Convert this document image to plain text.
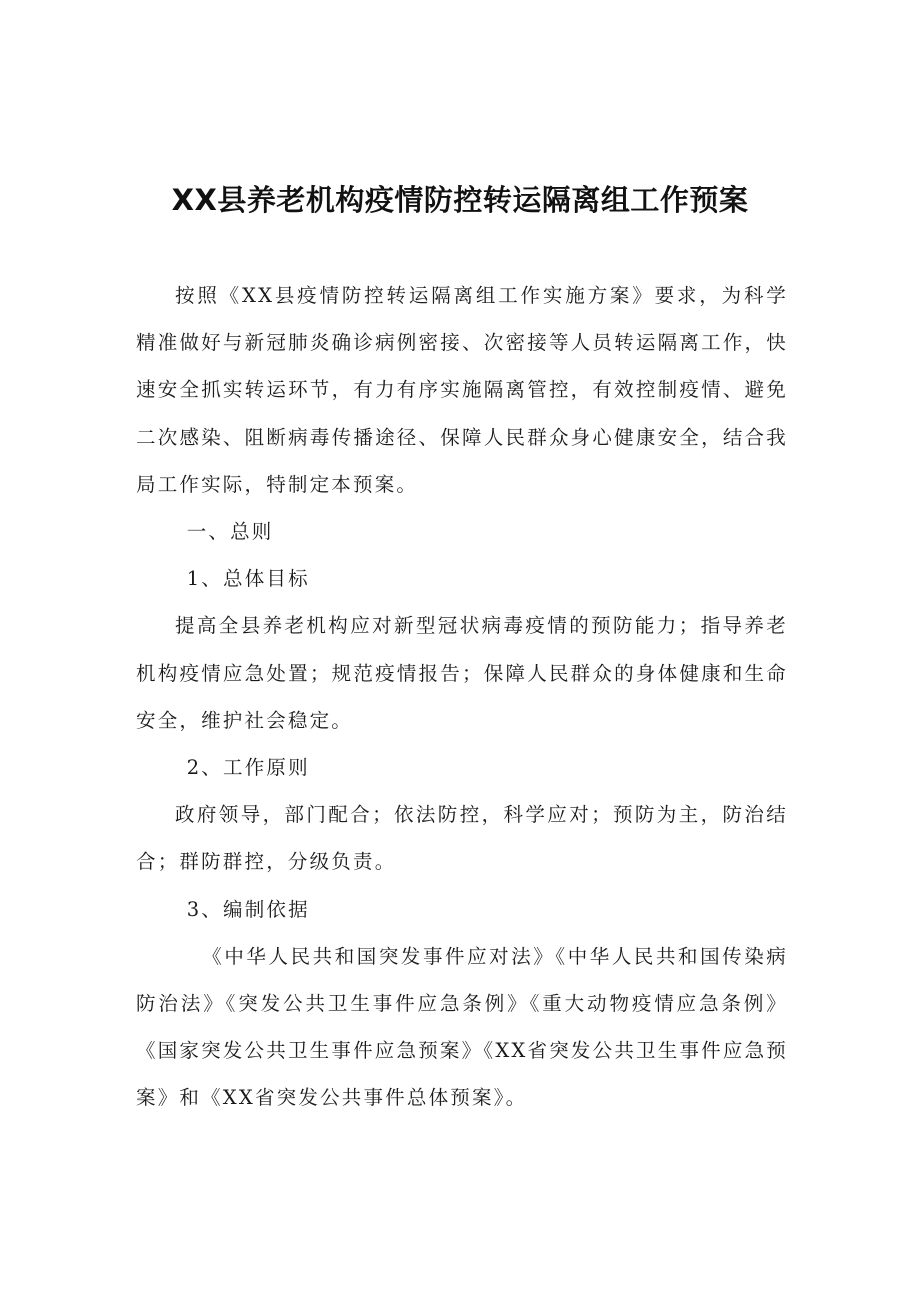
XX县养老机构疫情防控转运隔离组工作预案

按照《XX县疫情防控转运隔离组工作实施方案》要求，为科学精准做好与新冠肺炎确诊病例密接、次密接等人员转运隔离工作，快速安全抓实转运环节，有力有序实施隔离管控，有效控制疫情、避免二次感染、阻断病毒传播途径、保障人民群众身心健康安全，结合我局工作实际，特制定本预案。

一、总则

1、总体目标

提高全县养老机构应对新型冠状病毒疫情的预防能力；指导养老机构疫情应急处置；规范疫情报告；保障人民群众的身体健康和生命安全，维护社会稳定。

2、工作原则

政府领导，部门配合；依法防控，科学应对；预防为主，防治结合；群防群控，分级负责。

3、编制依据

《中华人民共和国突发事件应对法》《中华人民共和国传染病防治法》《突发公共卫生事件应急条例》《重大动物疫情应急条例》《国家突发公共卫生事件应急预案》《XX省突发公共卫生事件应急预案》和《XX省突发公共事件总体预案》。
